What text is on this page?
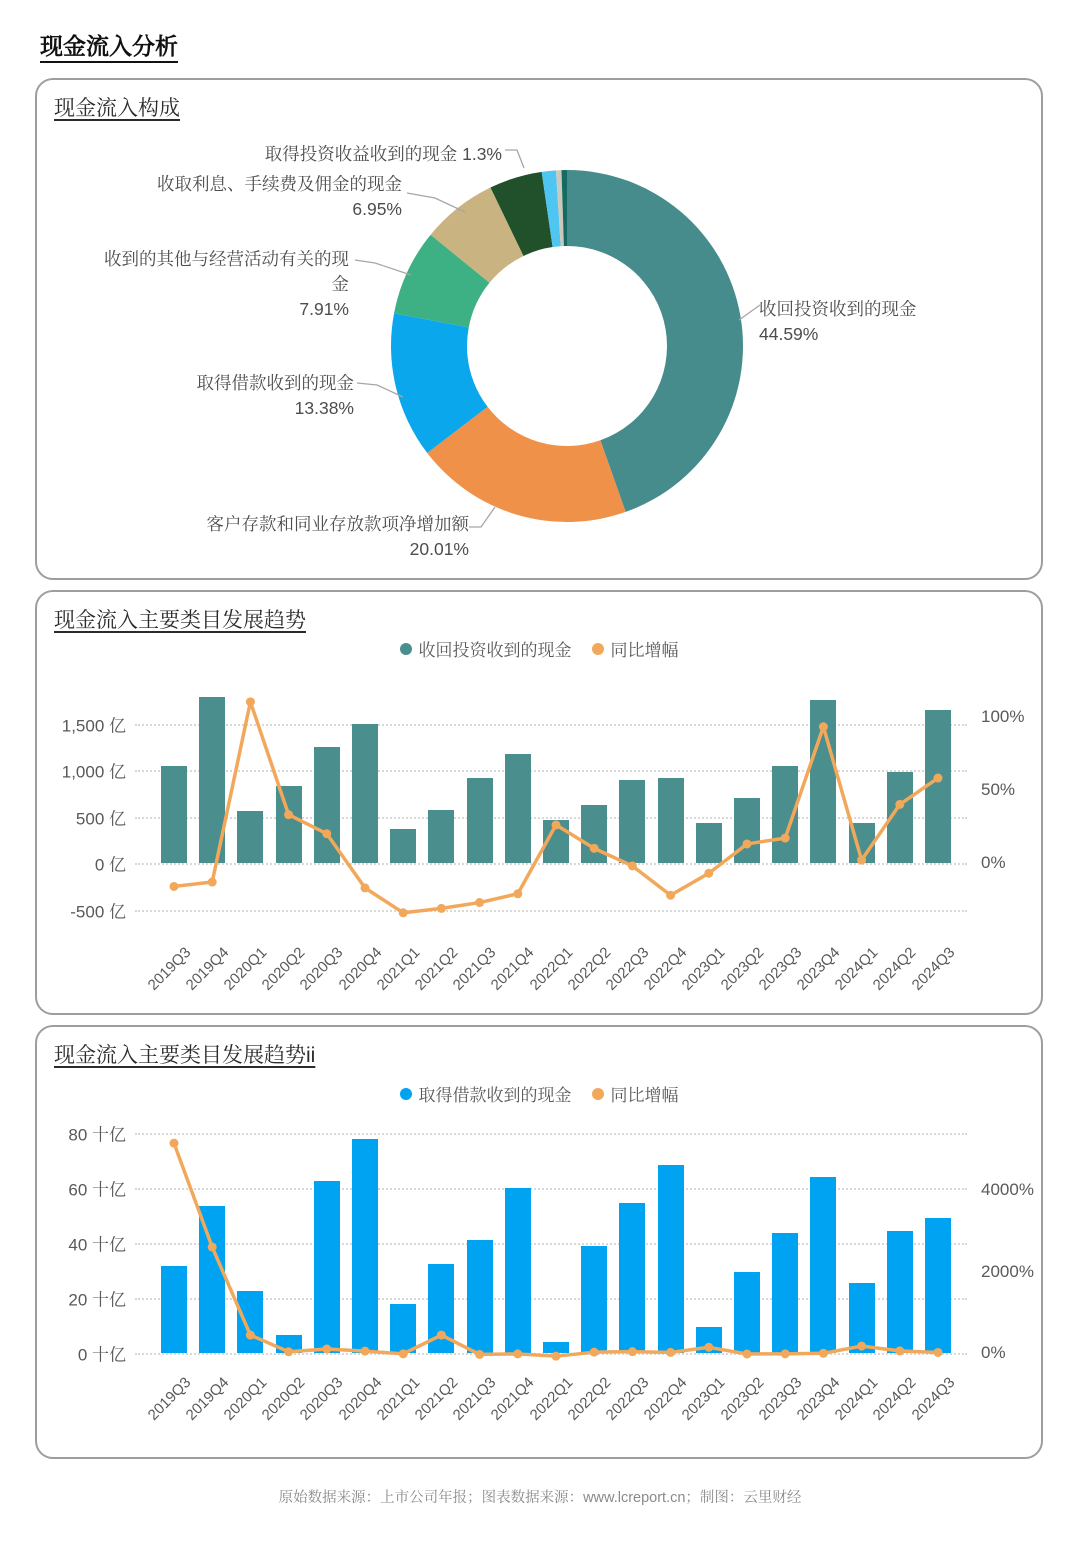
现金流入分析
现金流入构成
取得投资收益收到的现金 1.3%
收取利息、手续费及佣金的现金
6.95%
收到的其他与经营活动有关的现金
7.91%
取得借款收到的现金
13.38%
客户存款和同业存放款项净增加额
20.01%
收回投资收到的现金
44.59%
现金流入主要类目发展趋势
收回投资收到的现金 同比增幅
1,500 亿
1,000 亿
500 亿
0 亿
-500 亿
100%
50%
0%
2019Q3
2019Q4
2020Q1
2020Q2
2020Q3
2020Q4
2021Q1
2021Q2
2021Q3
2021Q4
2022Q1
2022Q2
2022Q3
2022Q4
2023Q1
2023Q2
2023Q3
2023Q4
2024Q1
2024Q2
2024Q3
现金流入主要类目发展趋势ii
取得借款收到的现金 同比增幅
80 十亿
60 十亿
40 十亿
20 十亿
0 十亿
4000%
2000%
0%
2019Q3
2019Q4
2020Q1
2020Q2
2020Q3
2020Q4
2021Q1
2021Q2
2021Q3
2021Q4
2022Q1
2022Q2
2022Q3
2022Q4
2023Q1
2023Q2
2023Q3
2023Q4
2024Q1
2024Q2
2024Q3
原始数据来源：上市公司年报；图表数据来源：www.lcreport.cn；制图：云里财经
